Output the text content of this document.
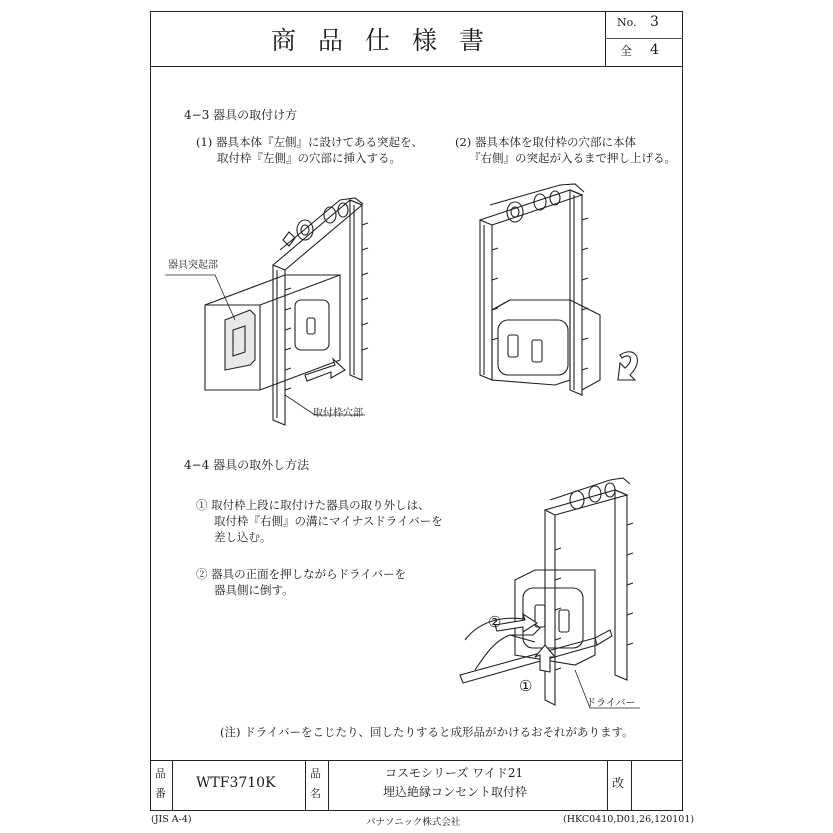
商品仕様書
No. 3
全 4
4−3 器具の取付け方
(1) 器具本体『左側』に設けてある突起を、
取付枠『左側』の穴部に挿入する。
(2) 器具本体を取付枠の穴部に本体
『右側』の突起が入るまで押し上げる。
器具突起部
取付枠穴部
4−4 器具の取外し方法
① 取付枠上段に取付けた器具の取り外しは、
取付枠『右側』の溝にマイナスドライバーを
差し込む。
② 器具の正面を押しながらドライバーを
器具側に倒す。
②
①
ドライバー
(注) ドライバーをこじたり、回したりすると成形品がかけるおそれがあります。
品
番
WTF3710K
品
名
コスモシリーズ ワイド21
埋込絶縁コンセント取付枠
改
(JIS A-4)	パナソニック株式会社	(HKC0410,D01,26,120101)
